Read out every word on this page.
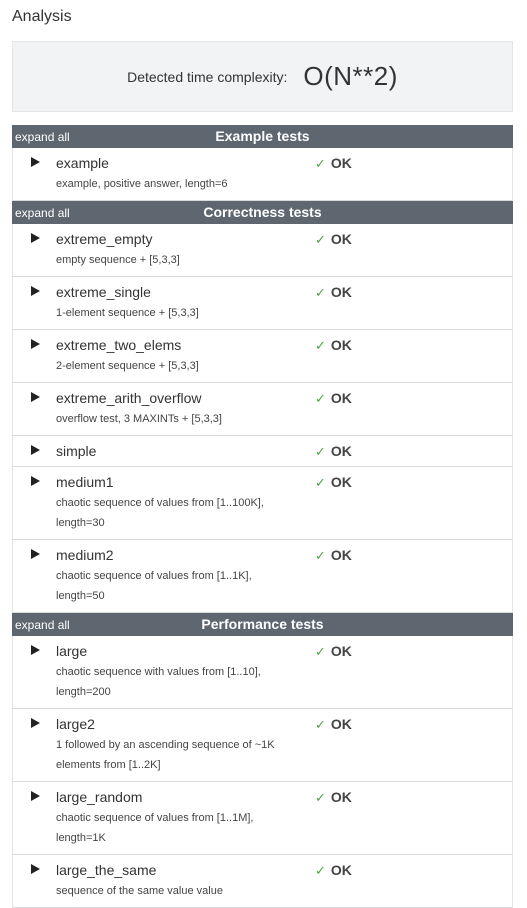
Analysis
Detected time complexity: O(N**2)
expand all	Example tests
example
example, positive answer, length=6
✓ OK
expand all	Correctness tests
extreme_empty
empty sequence + [5,3,3]
✓ OK
extreme_single
1-element sequence + [5,3,3]
✓ OK
extreme_two_elems
2-element sequence + [5,3,3]
✓ OK
extreme_arith_overflow
overflow test, 3 MAXINTs + [5,3,3]
✓ OK
simple	✓ OK
medium1
chaotic sequence of values from [1..100K], length=30
✓ OK
medium2
chaotic sequence of values from [1..1K], length=50
✓ OK
expand all	Performance tests
large
chaotic sequence with values from [1..10], length=200
✓ OK
large2
1 followed by an ascending sequence of ~1K elements from [1..2K]
✓ OK
large_random
chaotic sequence of values from [1..1M], length=1K
✓ OK
large_the_same
sequence of the same value value
✓ OK
